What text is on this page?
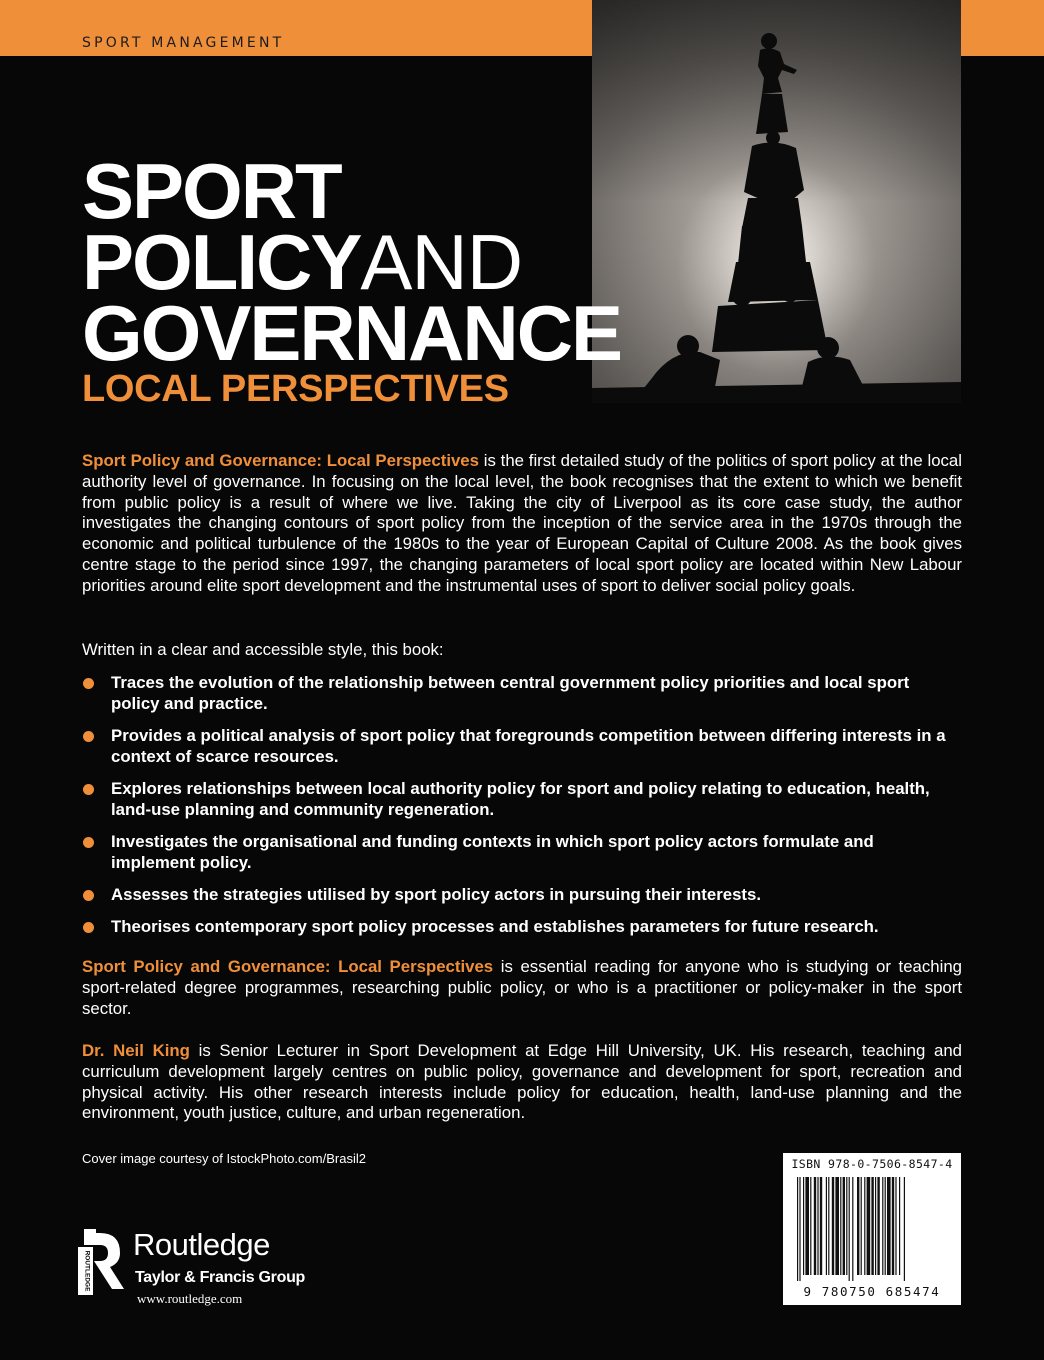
SPORT MANAGEMENT
SPORT
POLICYAND
GOVERNANCE
LOCAL PERSPECTIVES

Sport Policy and Governance: Local Perspectives is the first detailed study of the politics of sport policy at the local authority level of governance. In focusing on the local level, the book recognises that the extent to which we benefit from public policy is a result of where we live. Taking the city of Liverpool as its core case study, the author investigates the changing contours of sport policy from the inception of the service area in the 1970s through the economic and political turbulence of the 1980s to the year of European Capital of Culture 2008. As the book gives centre stage to the period since 1997, the changing parameters of local sport policy are located within New Labour priorities around elite sport development and the instrumental uses of sport to deliver social policy goals.

Written in a clear and accessible style, this book:

Traces the evolution of the relationship between central government policy priorities and local sport policy and practice.
Provides a political analysis of sport policy that foregrounds competition between differing interests in a context of scarce resources.
Explores relationships between local authority policy for sport and policy relating to education, health, land-use planning and community regeneration.
Investigates the organisational and funding contexts in which sport policy actors formulate and implement policy.
Assesses the strategies utilised by sport policy actors in pursuing their interests.
Theorises contemporary sport policy processes and establishes parameters for future research.

Sport Policy and Governance: Local Perspectives is essential reading for anyone who is studying or teaching sport-related degree programmes, researching public policy, or who is a practitioner or policy-maker in the sport sector.

Dr. Neil King is Senior Lecturer in Sport Development at Edge Hill University, UK. His research, teaching and curriculum development largely centres on public policy, governance and development for sport, recreation and physical activity. His other research interests include policy for education, health, land-use planning and the environment, youth justice, culture, and urban regeneration.

Cover image courtesy of IstockPhoto.com/Brasil2
ROUTLEDGE
Routledge
Taylor & Francis Group
www.routledge.com
ISBN 978-0-7506-8547-4
9 780750 685474
